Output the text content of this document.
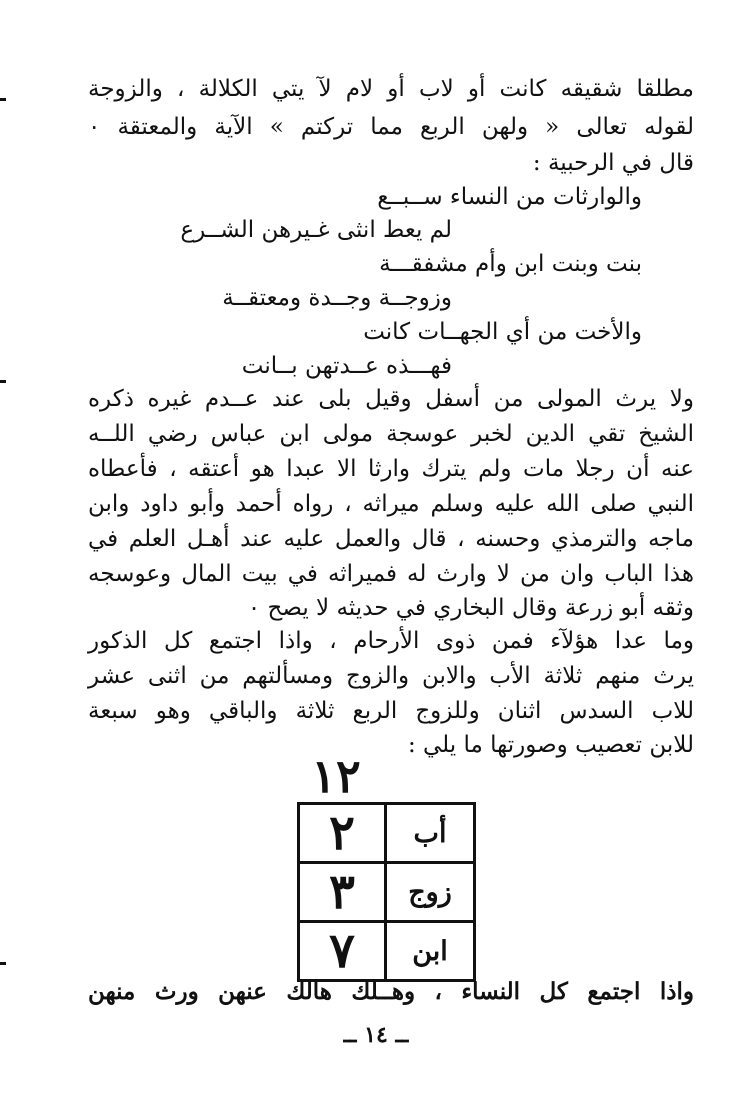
مطلقا شقيقه كانت أو لاب أو لام لآ يتي الكلالة ، والزوجة
لقوله تعالى « ولهن الربع مما تركتم » الآية والمعتقة ٠
قال في الرحبية :
والوارثات من النساء ســبــع
لم يعط انثى غـيرهن الشــرع
بنت وبنت ابن وأم مشفقـــة
وزوجــة وجــدة ومعتقــة
والأخت من أي الجهــات كانت
فهـــذه عــدتهن بــانت
ولا يرث المولى من أسفل وقيل بلى عند عــدم غيره ذكره
الشيخ تقي الدين لخبر عوسجة مولى ابن عباس رضي اللــه
عنه أن رجلا مات ولم يترك وارثا الا عبدا هو أعتقه ، فأعطاه
النبي صلى الله عليه وسلم ميراثه ، رواه أحمد وأبو داود وابن
ماجه والترمذي وحسنه ، قال والعمل عليه عند أهـل العلم في
هذا الباب وان من لا وارث له فميراثه في بيت المال وعوسجه
وثقه أبو زرعة وقال البخاري في حديثه لا يصح ٠
وما عدا هؤلآء فمن ذوى الأرحام ، واذا اجتمع كل الذكور
يرث منهم ثلاثة الأب والابن والزوج ومسألتهم من اثنى عشر
للاب السدس اثنان وللزوج الربع ثلاثة والباقي وهو سبعة
للابن تعصيب وصورتها ما يلي :
١٢
أب	٢
زوج	٣
ابن	٧
واذا اجتمع كل النساء ، وهــلك هالك عنهن ورث منهن
ــ ١٤ ــ
